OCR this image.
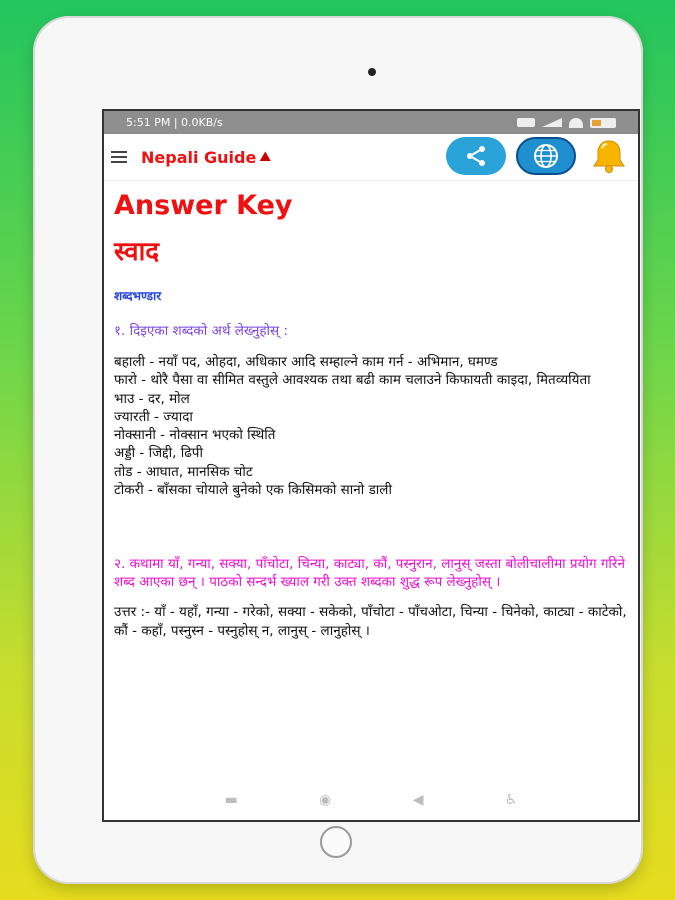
5:51 PM | 0.0KB/s
Nepali Guide ⛰
Answer Key
स्वाद
शब्दभण्डार
१. दिइएका शब्दको अर्थ लेख्नुहोस् :
बहाली - नयाँ पद, ओहदा, अधिकार आदि सम्हाल्ने काम गर्न - अभिमान, घमण्ड
फारो - थोरै पैसा वा सीमित वस्तुले आवश्यक तथा बढी काम चलाउने किफायती काइदा, मितव्ययिता
भाउ - दर, मोल
ज्यारती - ज्यादा
नोक्सानी - नोक्सान भएको स्थिति
अड्डी - जिद्दी, ढिपी
तोड - आघात, मानसिक चोट
टोकरी - बाँसका चोयाले बुनेको एक किसिमको सानो डाली
२. कथामा याँ, गन्या, सक्या, पाँचोटा, चिन्या, काट्या, कौं, पस्नुरान, लानुस् जस्ता बोलीचालीमा प्रयोग गरिने शब्द आएका छन् । पाठको सन्दर्भ ख्याल गरी उक्त शब्दका शुद्ध रूप लेख्नुहोस् ।
उत्तर :- याँ - यहाँ, गन्या - गरेको, सक्या - सकेको, पाँचोटा - पाँचओटा, चिन्या - चिनेको, काट्या - काटेको, कौं - कहाँ, पस्नुस्न - पस्नुहोस् न, लानुस् - लानुहोस् ।
▬	◉	◀	♿
